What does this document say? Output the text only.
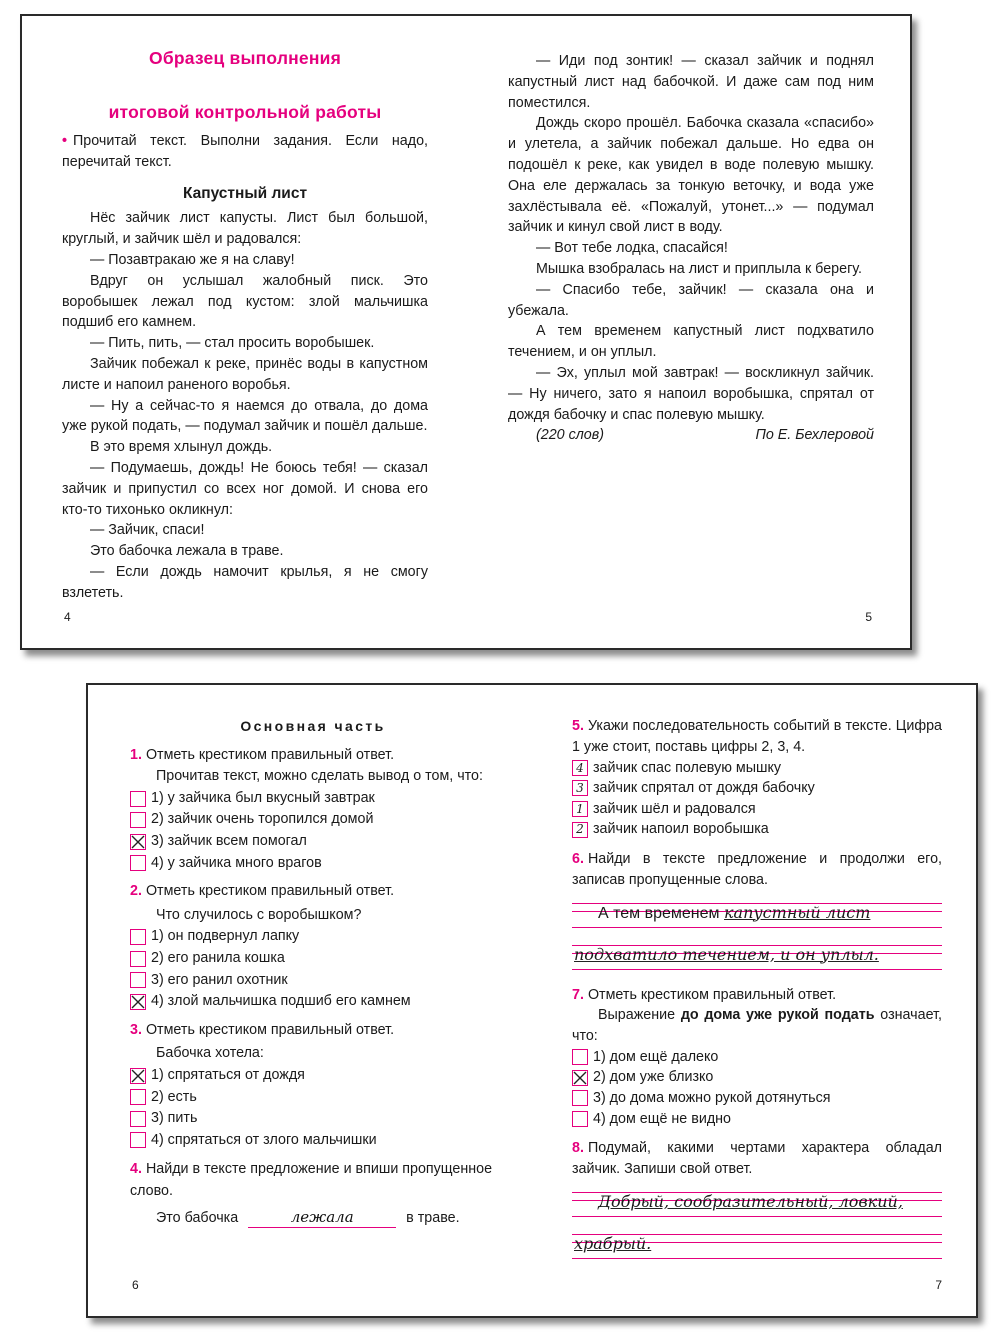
Образец выполнения
итоговой контрольной работы

• Прочитай текст. Выполни задания. Если надо, перечитай текст.

Капустный лист

Нёс зайчик лист капусты. Лист был большой, круглый, и зайчик шёл и радовался:

— Позавтракаю же я на славу!

Вдруг он услышал жалобный писк. Это воробышек лежал под кустом: злой мальчишка подшиб его камнем.

— Пить, пить, — стал просить воробышек.

Зайчик побежал к реке, принёс воды в капустном листе и напоил раненого воробья.

— Ну а сейчас-то я наемся до отвала, до дома уже рукой подать, — подумал зайчик и пошёл дальше.

В это время хлынул дождь.

— Подумаешь, дождь! Не боюсь тебя! — сказал зайчик и припустил со всех ног домой. И снова его кто-то тихонько окликнул:

— Зайчик, спаси!

Это бабочка лежала в траве.

— Если дождь намочит крылья, я не смогу взлететь.

4

— Иди под зонтик! — сказал зайчик и поднял капустный лист над бабочкой. И даже сам под ним поместился.

Дождь скоро прошёл. Бабочка сказала «спасибо» и улетела, а зайчик побежал дальше. Но едва он подошёл к реке, как увидел в воде полевую мышку. Она еле держалась за тонкую веточку, и вода уже захлёстывала её. «Пожалуй, утонет...» — подумал зайчик и кинул свой лист в воду.

— Вот тебе лодка, спасайся!

Мышка взобралась на лист и приплыла к берегу.

— Спасибо тебе, зайчик! — сказала она и убежала.

А тем временем капустный лист подхватило течением, и он уплыл.

— Эх, уплыл мой завтрак! — воскликнул зайчик. — Ну ничего, зато я напоил воробышка, спрятал от дождя бабочку и спас полевую мышку.

(220 слов)	По Е. Бехлеровой
5
Основная часть
1. Отметь крестиком правильный ответ.

Прочитав текст, можно сделать вывод о том, что:

1) у зайчика был вкусный завтрак
2) зайчик очень торопился домой
3) зайчик всем помогал
4) у зайчика много врагов
2. Отметь крестиком правильный ответ.

Что случилось с воробышком?

1) он подвернул лапку
2) его ранила кошка
3) его ранил охотник
4) злой мальчишка подшиб его камнем
3. Отметь крестиком правильный ответ.

Бабочка хотела:

1) спрятаться от дождя
2) есть
3) пить
4) спрятаться от злого мальчишки
4. Найди в тексте предложение и впиши пропущенное слово.
Это бабочка	лежала	в траве.
6

5. Укажи последовательность событий в тексте. Цифра 1 уже стоит, поставь цифры 2, 3, 4.

4 зайчик спас полевую мышку
3 зайчик спрятал от дождя бабочку
1 зайчик шёл и радовался
2 зайчик напоил воробышка

6. Найди в тексте предложение и продолжи его, записав пропущенные слова.

А тем временем капустный лист
подхватило течением, и он уплыл.

7. Отметь крестиком правильный ответ.

Выражение до дома уже рукой подать означает, что:

1) дом ещё далеко
2) дом уже близко
3) до дома можно рукой дотянуться
4) дом ещё не видно

8. Подумай, какими чертами характера обладал зайчик. Запиши свой ответ.

Добрый, сообразительный, ловкий,
храбрый.
7
